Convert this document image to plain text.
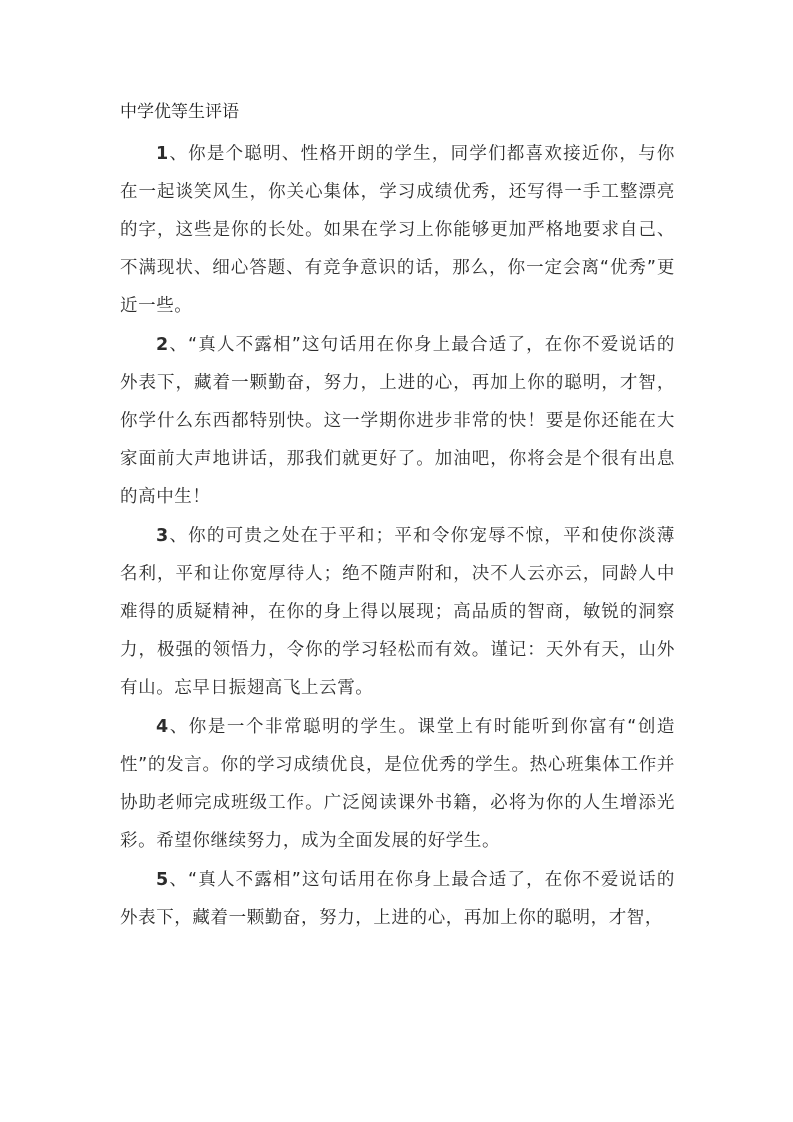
中学优等生评语

1、你是个聪明、性格开朗的学生，同学们都喜欢接近你，与你在一起谈笑风生，你关心集体，学习成绩优秀，还写得一手工整漂亮的字，这些是你的长处。如果在学习上你能够更加严格地要求自己、不满现状、细心答题、有竞争意识的话，那么，你一定会离“优秀”更近一些。

2、“真人不露相”这句话用在你身上最合适了，在你不爱说话的外表下，藏着一颗勤奋，努力，上进的心，再加上你的聪明，才智，你学什么东西都特别快。这一学期你进步非常的快！要是你还能在大家面前大声地讲话，那我们就更好了。加油吧，你将会是个很有出息的高中生！

3、你的可贵之处在于平和；平和令你宠辱不惊，平和使你淡薄名利，平和让你宽厚待人；绝不随声附和，决不人云亦云，同龄人中难得的质疑精神，在你的身上得以展现；高品质的智商，敏锐的洞察力，极强的领悟力，令你的学习轻松而有效。谨记：天外有天，山外有山。忘早日振翅高飞上云霄。

4、你是一个非常聪明的学生。课堂上有时能听到你富有“创造性”的发言。你的学习成绩优良，是位优秀的学生。热心班集体工作并协助老师完成班级工作。广泛阅读课外书籍，必将为你的人生增添光彩。希望你继续努力，成为全面发展的好学生。

5、“真人不露相”这句话用在你身上最合适了，在你不爱说话的外表下，藏着一颗勤奋，努力，上进的心，再加上你的聪明，才智，
